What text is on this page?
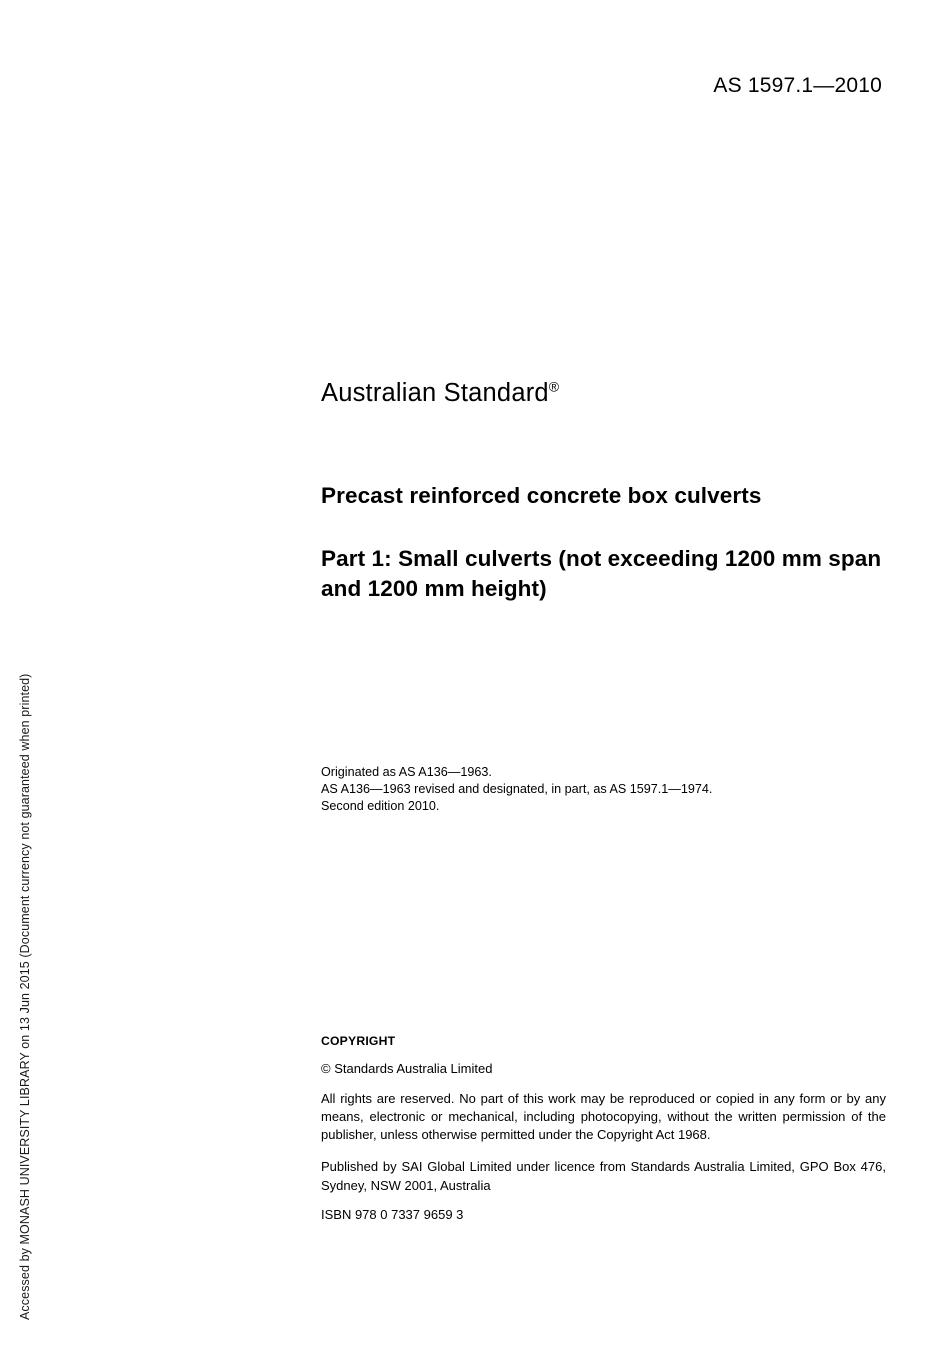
Accessed by MONASH UNIVERSITY LIBRARY on 13 Jun 2015 (Document currency not guaranteed when printed)
AS 1597.1—2010
Australian Standard®
Precast reinforced concrete box culverts
Part 1: Small culverts (not exceeding 1200 mm span and 1200 mm height)
Originated as AS A136—1963.
AS A136—1963 revised and designated, in part, as AS 1597.1—1974.
Second edition 2010.
COPYRIGHT
© Standards Australia Limited
All rights are reserved. No part of this work may be reproduced or copied in any form or by any means, electronic or mechanical, including photocopying, without the written permission of the publisher, unless otherwise permitted under the Copyright Act 1968.
Published by SAI Global Limited under licence from Standards Australia Limited, GPO Box 476, Sydney, NSW 2001, Australia
ISBN 978 0 7337 9659 3
